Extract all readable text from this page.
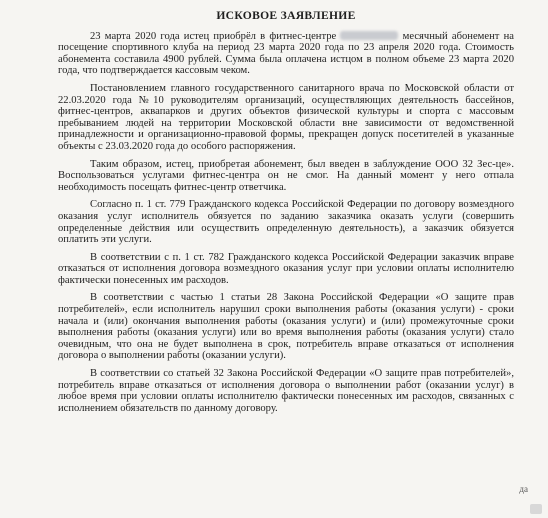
ИСКОВОЕ ЗАЯВЛЕНИЕ

23 марта 2020 года истец приобрёл в фитнес-центре	месячный абонемент на посещение спортивного клуба на период 23 марта 2020 года по 23 апреля 2020 года. Стоимость абонемента составила 4900 рублей. Сумма была оплачена истцом в полном объеме 23 марта 2020 года, что подтверждается кассовым чеком.

Постановлением главного государственного санитарного врача по Московской области от 22.03.2020 года №10 руководителям организаций, осуществляющих деятельность бассейнов, фитнес-центров, аквапарков и других объектов физической культуры и спорта с массовым пребыванием людей на территории Московской области вне зависимости от ведомственной принадлежности и организационно-правовой формы, прекращен допуск посетителей в указанные объекты с 23.03.2020 года до особого распоряжения.

Таким образом, истец, приобретая абонемент, был введен в заблуждение ООО 32 Зес-це». Воспользоваться услугами фитнес-центра он не смог. На данный момент у него отпала необходимость посещать фитнес-центр ответчика.

Согласно п. 1 ст. 779 Гражданского кодекса Российской Федерации по договору возмездного оказания услуг исполнитель обязуется по заданию заказчика оказать услуги (совершить определенные действия или осуществить определенную деятельность), а заказчик обязуется оплатить эти услуги.

В соответствии с п. 1 ст. 782 Гражданского кодекса Российской Федерации заказчик вправе отказаться от исполнения договора возмездного оказания услуг при условии оплаты исполнителю фактически понесенных им расходов.

В соответствии с частью 1 статьи 28 Закона Российской Федерации «О защите прав потребителей», если исполнитель нарушил сроки выполнения работы (оказания услуги) - сроки начала и (или) окончания выполнения работы (оказания услуги) и (или) промежуточные сроки выполнения работы (оказания услуги) или во время выполнения работы (оказания услуги) стало очевидным, что она не будет выполнена в срок, потребитель вправе отказаться от исполнения договора о выполнении работы (оказании услуги).

В соответствии со статьей 32 Закона Российской Федерации «О защите прав потребителей», потребитель вправе отказаться от исполнения договора о выполнении работ (оказании услуг) в любое время при условии оплаты исполнителю фактически понесенных им расходов, связанных с исполнением обязательств по данному договору.

да
